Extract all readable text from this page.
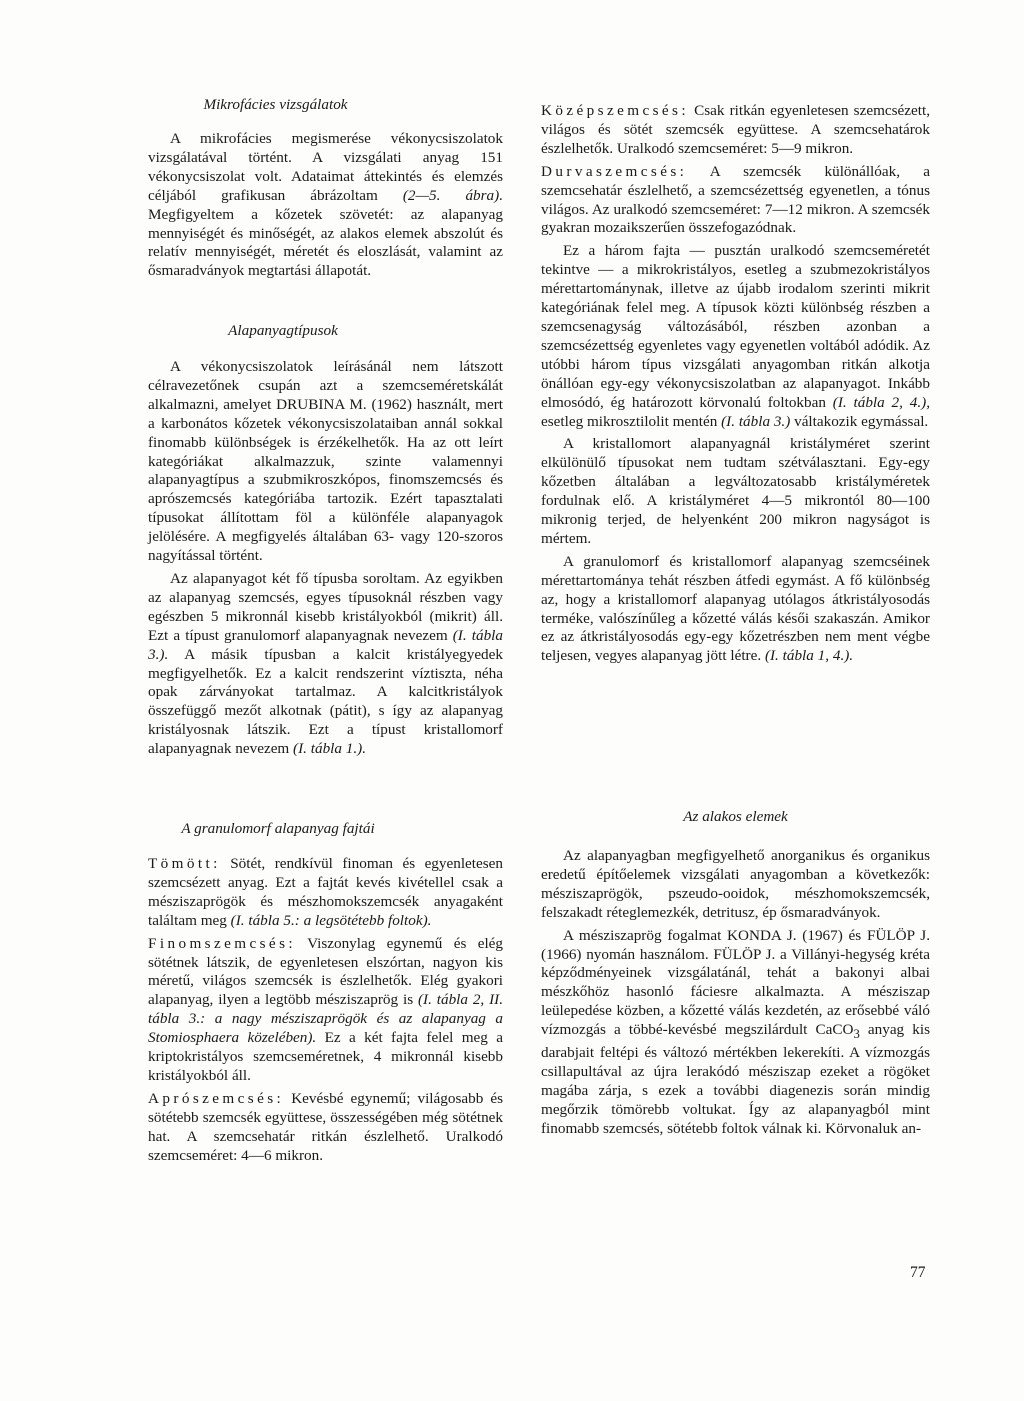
Mikrofácies vizsgálatok

A mikrofácies megismerése vékonycsiszolatok vizsgálatával történt. A vizsgálati anyag 151 vékonycsiszolat volt. Adataimat áttekintés és elemzés céljából grafikusan ábrázoltam (2—5. ábra). Megfigyeltem a kőzetek szövetét: az alapanyag mennyiségét és minőségét, az alakos elemek abszolút és relatív mennyiségét, méretét és eloszlását, valamint az ősmaradványok megtartási állapotát.

Alapanyagtípusok

A vékonycsiszolatok leírásánál nem látszott célravezetőnek csupán azt a szemcseméretskálát alkalmazni, amelyet DRUBINA M. (1962) használt, mert a karbonátos kőzetek vékonycsiszolataiban annál sokkal finomabb különbségek is érzékelhetők. Ha az ott leírt kategóriákat alkalmazzuk, szinte valamennyi alapanyagtípus a szubmikroszkópos, finomszemcsés és aprószemcsés kategóriába tartozik. Ezért tapasztalati típusokat állítottam föl a különféle alapanyagok jelölésére. A megfigyelés általában 63- vagy 120-szoros nagyítással történt.

Az alapanyagot két fő típusba soroltam. Az egyikben az alapanyag szemcsés, egyes típusoknál részben vagy egészben 5 mikronnál kisebb kristályokból (mikrit) áll. Ezt a típust granulomorf alapanyagnak nevezem (I. tábla 3.). A másik típusban a kalcit kristályegyedek megfigyelhetők. Ez a kalcit rendszerint víztiszta, néha opak zárványokat tartalmaz. A kalcitkristályok összefüggő mezőt alkotnak (pátit), s így az alapanyag kristályosnak látszik. Ezt a típust kristallomorf alapanyagnak nevezem (I. tábla 1.).

A granulomorf alapanyag fajtái

Tömött: Sötét, rendkívül finoman és egyenletesen szemcsézett anyag. Ezt a fajtát kevés kivétellel csak a mésziszaprögök és mészhomokszemcsék anyagaként találtam meg (I. tábla 5.: a legsötétebb foltok).

Finomszemcsés: Viszonylag egynemű és elég sötétnek látszik, de egyenletesen elszórtan, nagyon kis méretű, világos szemcsék is észlelhetők. Elég gyakori alapanyag, ilyen a legtöbb mésziszaprög is (I. tábla 2, II. tábla 3.: a nagy mésziszaprögök és az alapanyag a Stomiosphaera közelében). Ez a két fajta felel meg a kriptokristályos szemcseméretnek, 4 mikronnál kisebb kristályokból áll.

Aprószemcsés: Kevésbé egynemű; világosabb és sötétebb szemcsék együttese, összességében még sötétnek hat. A szemcsehatár ritkán észlelhető. Uralkodó szemcseméret: 4—6 mikron.

Középszemcsés: Csak ritkán egyenletesen szemcsézett, világos és sötét szemcsék együttese. A szemcsehatárok észlelhetők. Uralkodó szemcseméret: 5—9 mikron.

Durvaszemcsés: A szemcsék különállóak, a szemcsehatár észlelhető, a szemcsézettség egyenetlen, a tónus világos. Az uralkodó szemcseméret: 7—12 mikron. A szemcsék gyakran mozaikszerűen összefogazódnak.

Ez a három fajta — pusztán uralkodó szemcseméretét tekintve — a mikrokristályos, esetleg a szubmezokristályos mérettartománynak, illetve az újabb irodalom szerinti mikrit kategóriának felel meg. A típusok közti különbség részben a szemcsenagyság változásából, részben azonban a szemcsézettség egyenletes vagy egyenetlen voltából adódik. Az utóbbi három típus vizsgálati anyagomban ritkán alkotja önállóan egy-egy vékonycsiszolatban az alapanyagot. Inkább elmosódó, ég határozott körvonalú foltokban (I. tábla 2, 4.), esetleg mikrosztilolit mentén (I. tábla 3.) váltakozik egymással.

A kristallomort alapanyagnál kristályméret szerint elkülönülő típusokat nem tudtam szétválasztani. Egy-egy kőzetben általában a legváltozatosabb kristályméretek fordulnak elő. A kristályméret 4—5 mikrontól 80—100 mikronig terjed, de helyenként 200 mikron nagyságot is mértem.

A granulomorf és kristallomorf alapanyag szemcséinek mérettartománya tehát részben átfedi egymást. A fő különbség az, hogy a kristallomorf alapanyag utólagos átkristályosodás terméke, valószínűleg a kőzetté válás késői szakaszán. Amikor ez az átkristályosodás egy-egy kőzetrészben nem ment végbe teljesen, vegyes alapanyag jött létre. (I. tábla 1, 4.).

Az alakos elemek

Az alapanyagban megfigyelhető anorganikus és organikus eredetű építőelemek vizsgálati anyagomban a következők: mésziszaprögök, pszeudo-ooidok, mészhomokszemcsék, felszakadt réteglemezkék, detritusz, ép ősmaradványok.

A mésziszaprög fogalmat KONDA J. (1967) és FÜLÖP J. (1966) nyomán használom. FÜLÖP J. a Villányi-hegység kréta képződményeinek vizsgálatánál, tehát a bakonyi albai mészkőhöz hasonló fáciesre alkalmazta. A mésziszap leülepedése közben, a kőzetté válás kezdetén, az erősebbé váló vízmozgás a többé-kevésbé megszilárdult CaCO$_3$ anyag kis darabjait feltépi és változó mértékben lekerekíti. A vízmozgás csillapultával az újra lerakódó mésziszap ezeket a rögöket magába zárja, s ezek a további diagenezis során mindig megőrzik tömörebb voltukat. Így az alapanyagból mint finomabb szemcsés, sötétebb foltok válnak ki. Körvonaluk an-

77
